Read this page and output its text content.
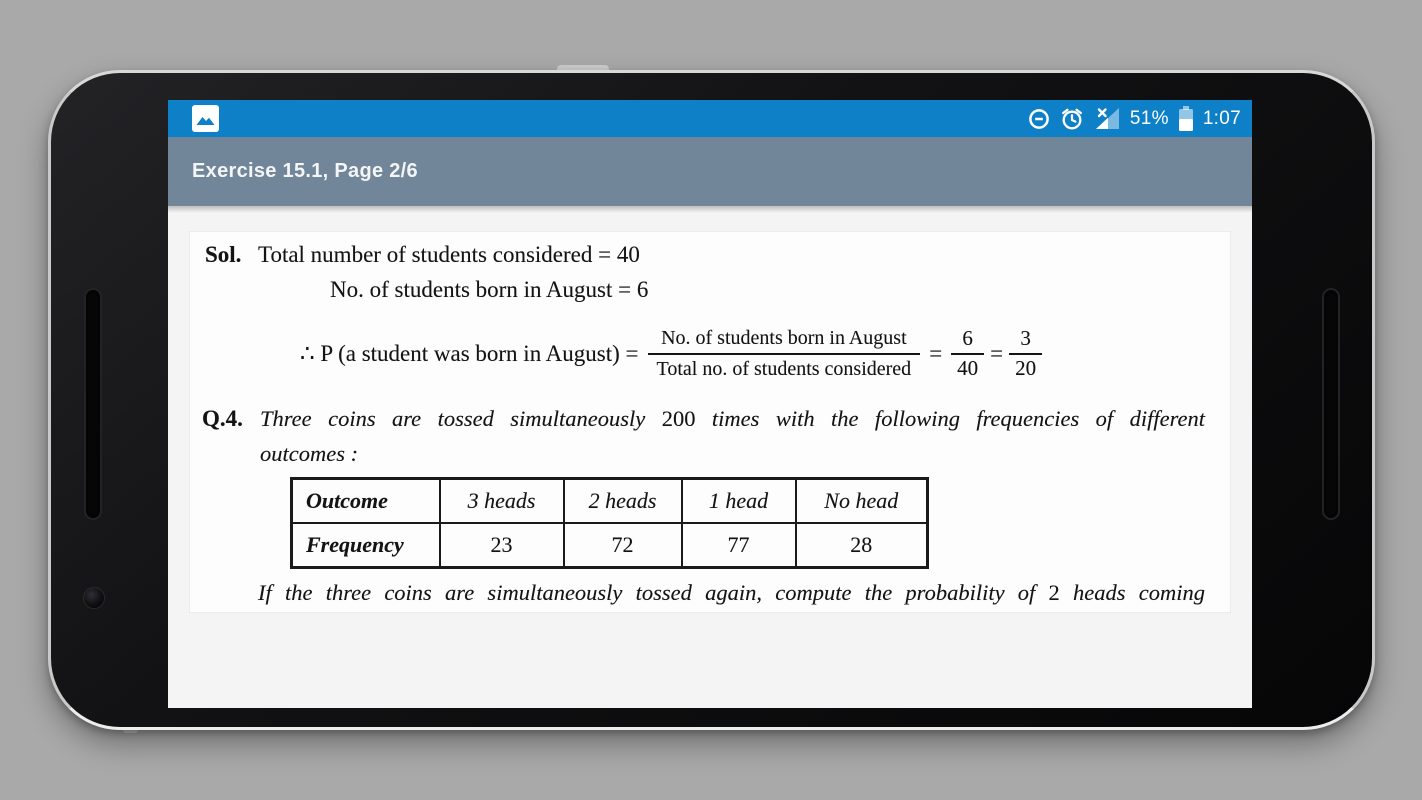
51% 1:07
Exercise 15.1, Page 2/6
Sol. Total number of students considered = 40
No. of students born in August = 6
∴ P (a student was born in August) = $\frac{\text{No. of students born in August}}{\text{Total no. of students considered}} = \frac{6}{40} = \frac{3}{20}$
Q.4. Three coins are tossed simultaneously 200 times with the following frequencies of different
outcomes :
Outcome	3 heads	2 heads	1 head	No head
Frequency	23	72	77	28
If the three coins are simultaneously tossed again, compute the probability of 2 heads coming
